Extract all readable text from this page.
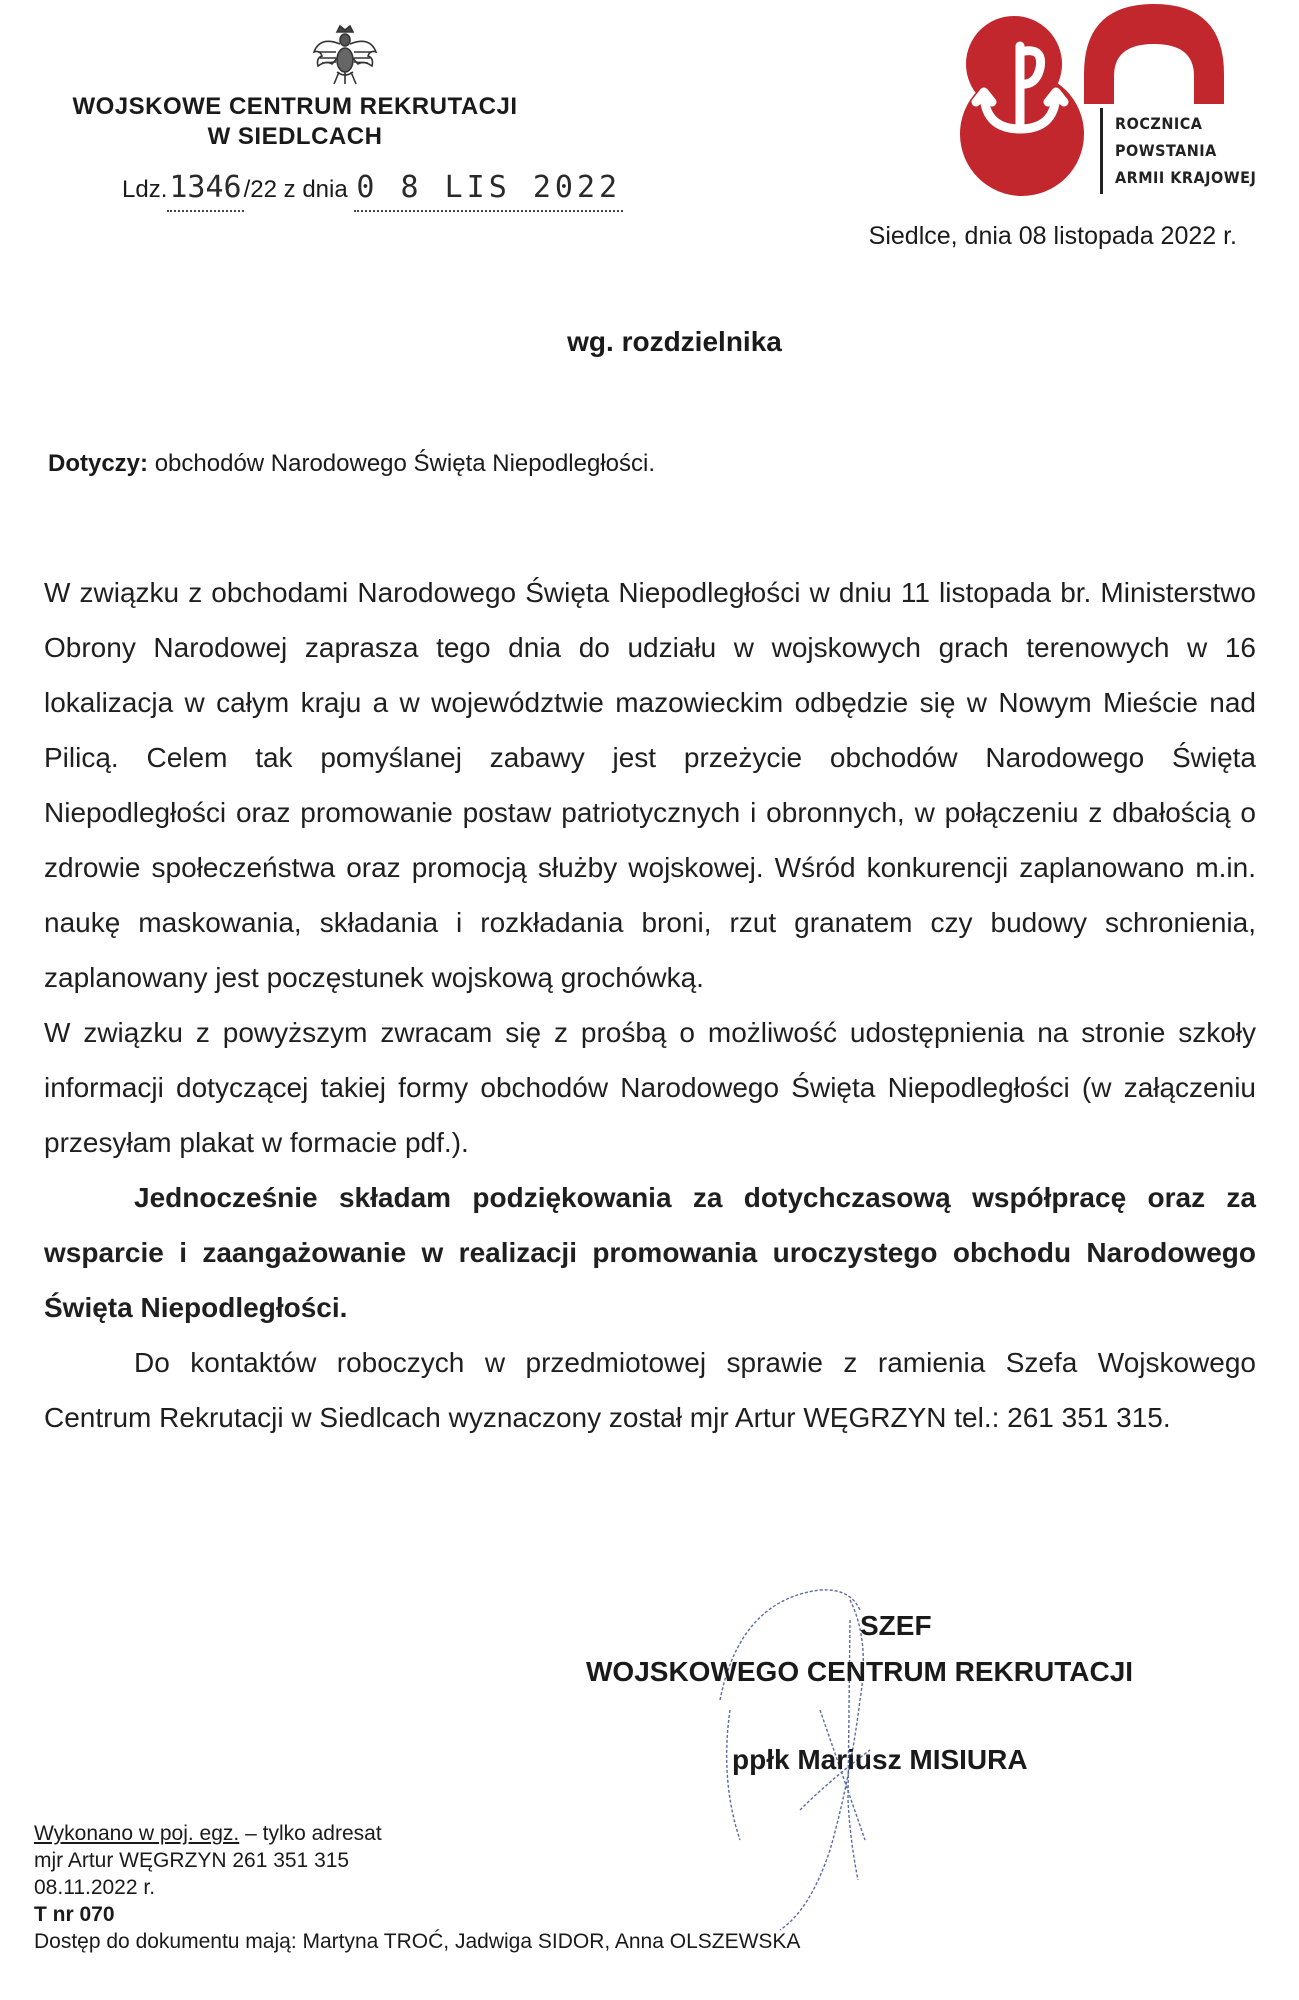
WOJSKOWE CENTRUM REKRUTACJI
W SIEDLCACH
Ldz.1346/22 z dnia 0 8 LIS 2022
ROCZNICA
POWSTANIA
ARMII KRAJOWEJ
Siedlce, dnia 08 listopada 2022 r.
wg. rozdzielnika
Dotyczy: obchodów Narodowego Święta Niepodległości.

W związku z obchodami Narodowego Święta Niepodległości w dniu 11 listopada br. Ministerstwo Obrony Narodowej zaprasza tego dnia do udziału w wojskowych grach terenowych w 16 lokalizacja w całym kraju a w województwie mazowieckim odbędzie się w Nowym Mieście nad Pilicą. Celem tak pomyślanej zabawy jest przeżycie obchodów Narodowego Święta Niepodległości oraz promowanie postaw patriotycznych i obronnych, w połączeniu z dbałością o zdrowie społeczeństwa oraz promocją służby wojskowej. Wśród konkurencji zaplanowano m.in. naukę maskowania, składania i rozkładania broni, rzut granatem czy budowy schronienia, zaplanowany jest poczęstunek wojskową grochówką.

W związku z powyższym zwracam się z prośbą o możliwość udostępnienia na stronie szkoły informacji dotyczącej takiej formy obchodów Narodowego Święta Niepodległości (w załączeniu przesyłam plakat w formacie pdf.).

Jednocześnie składam podziękowania za dotychczasową współpracę oraz za wsparcie i zaangażowanie w realizacji promowania uroczystego obchodu Narodowego Święta Niepodległości.

Do kontaktów roboczych w przedmiotowej sprawie z ramienia Szefa Wojskowego Centrum Rekrutacji w Siedlcach wyznaczony został mjr Artur WĘGRZYN tel.: 261 351 315.

SZEF
WOJSKOWEGO CENTRUM REKRUTACJI
ppłk Mariusz MISIURA
Wykonano w poj. egz. – tylko adresat
mjr Artur WĘGRZYN 261 351 315
08.11.2022 r.
T nr 070
Dostęp do dokumentu mają: Martyna TROĆ, Jadwiga SIDOR, Anna OLSZEWSKA
